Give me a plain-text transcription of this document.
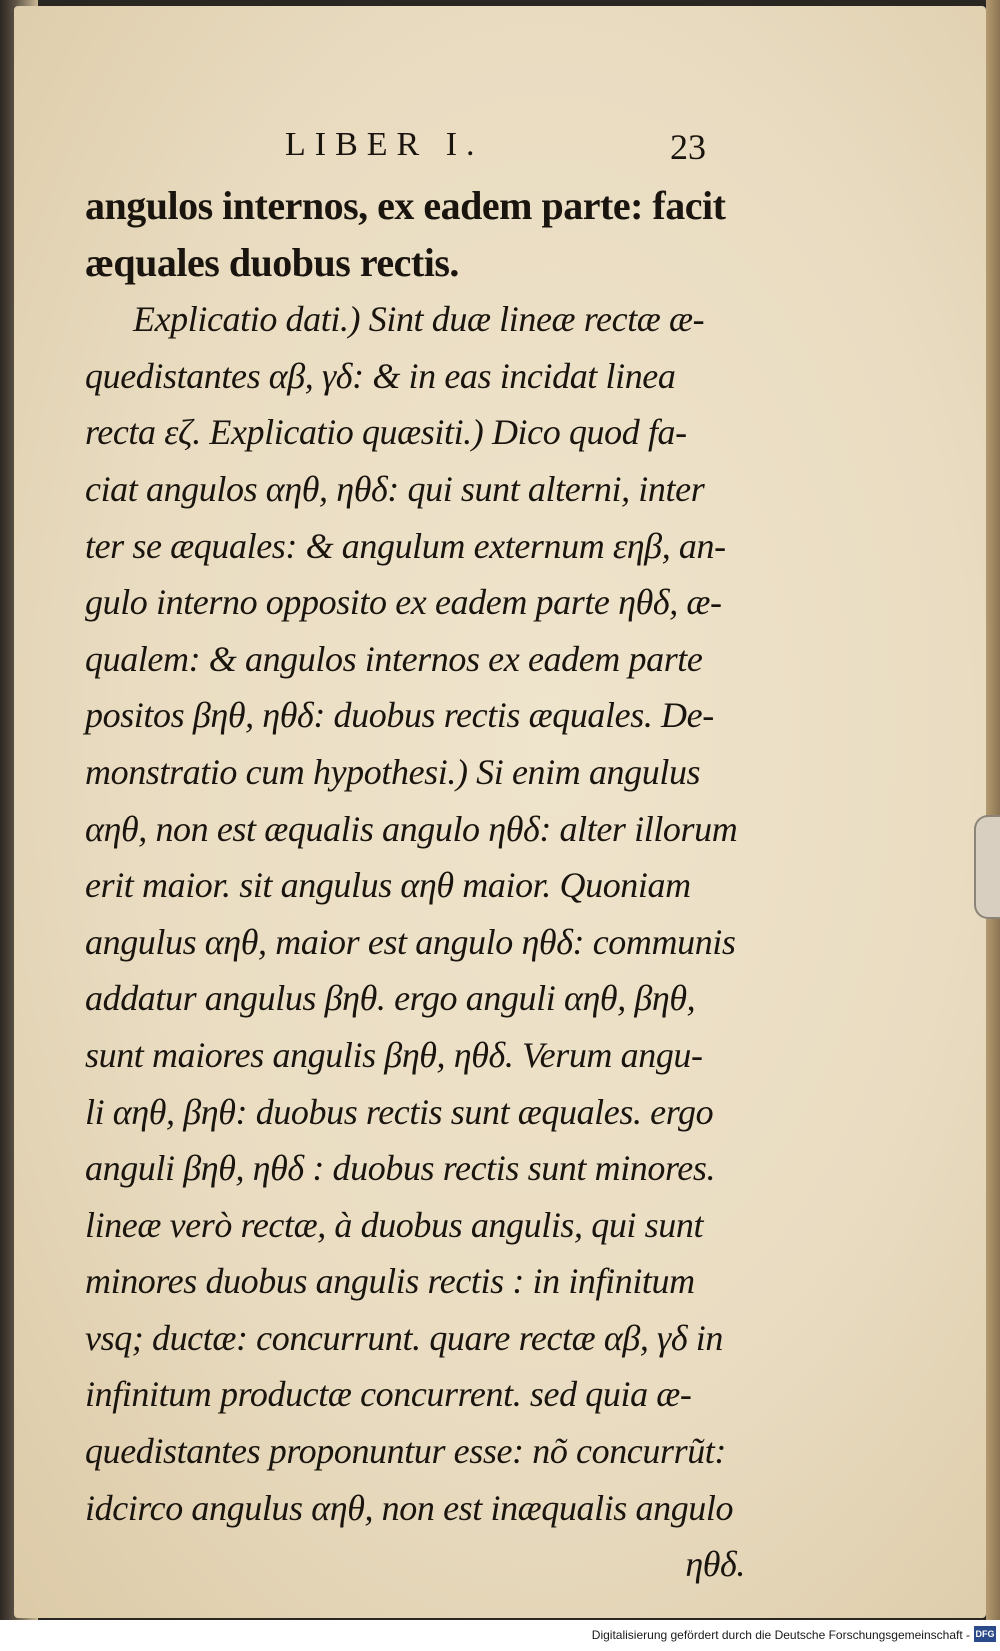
LIBER I.	23
angulos internos, ex eadem parte: facit
æquales duobus rectis.
Explicatio dati.) Sint duæ lineæ rectæ æ-
quedistantes αβ, γδ: & in eas incidat linea
recta εζ. Explicatio quæsiti.) Dico quod fa-
ciat angulos αηθ, ηθδ: qui sunt alterni, inter
ter se æquales: & angulum externum εηβ, an-
gulo interno opposito ex eadem parte ηθδ, æ-
qualem: & angulos internos ex eadem parte
positos βηθ, ηθδ: duobus rectis æquales. De-
monstratio cum hypothesi.) Si enim angulus
αηθ, non est æqualis angulo ηθδ: alter illorum
erit maior. sit angulus αηθ maior. Quoniam
angulus αηθ, maior est angulo ηθδ: communis
addatur angulus βηθ. ergo anguli αηθ, βηθ,
sunt maiores angulis βηθ, ηθδ. Verum angu-
li αηθ, βηθ: duobus rectis sunt æquales. ergo
anguli βηθ, ηθδ : duobus rectis sunt minores.
lineæ verò rectæ, à duobus angulis, qui sunt
minores duobus angulis rectis : in infinitum
vsq; ductæ: concurrunt. quare rectæ αβ, γδ in
infinitum productæ concurrent. sed quia æ-
quedistantes proponuntur esse: nõ concurrũt:
idcirco angulus αηθ, non est inæqualis angulo
ηθδ.
Digitalisierung gefördert durch die Deutsche Forschungsgemeinschaft - DFG
